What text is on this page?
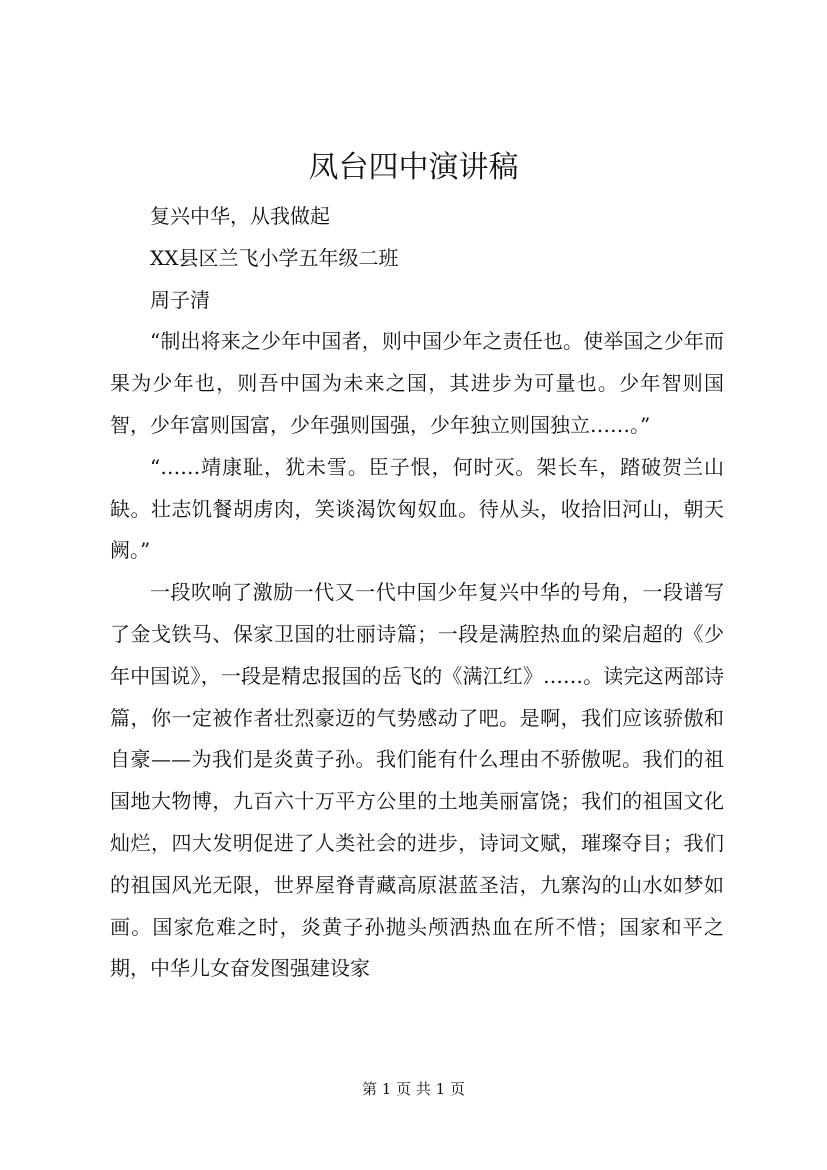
凤台四中演讲稿

复兴中华，从我做起

XX县区兰飞小学五年级二班

周子清

“制出将来之少年中国者，则中国少年之责任也。使举国之少年而果为少年也，则吾中国为未来之国，其进步为可量也。少年智则国智，少年富则国富，少年强则国强，少年独立则国独立……。”

“……靖康耻，犹未雪。臣子恨，何时灭。架长车，踏破贺兰山缺。壮志饥餐胡虏肉，笑谈渴饮匈奴血。待从头，收拾旧河山，朝天阙。”

一段吹响了激励一代又一代中国少年复兴中华的号角，一段谱写了金戈铁马、保家卫国的壮丽诗篇；一段是满腔热血的梁启超的《少年中国说》，一段是精忠报国的岳飞的《满江红》……。读完这两部诗篇，你一定被作者壮烈豪迈的气势感动了吧。是啊，我们应该骄傲和自豪——为我们是炎黄子孙。我们能有什么理由不骄傲呢。我们的祖国地大物博，九百六十万平方公里的土地美丽富饶；我们的祖国文化灿烂，四大发明促进了人类社会的进步，诗词文赋，璀璨夺目；我们的祖国风光无限，世界屋脊青藏高原湛蓝圣洁，九寨沟的山水如梦如画。国家危难之时，炎黄子孙抛头颅洒热血在所不惜；国家和平之期，中华儿女奋发图强建设家

第 1 页 共 1 页
